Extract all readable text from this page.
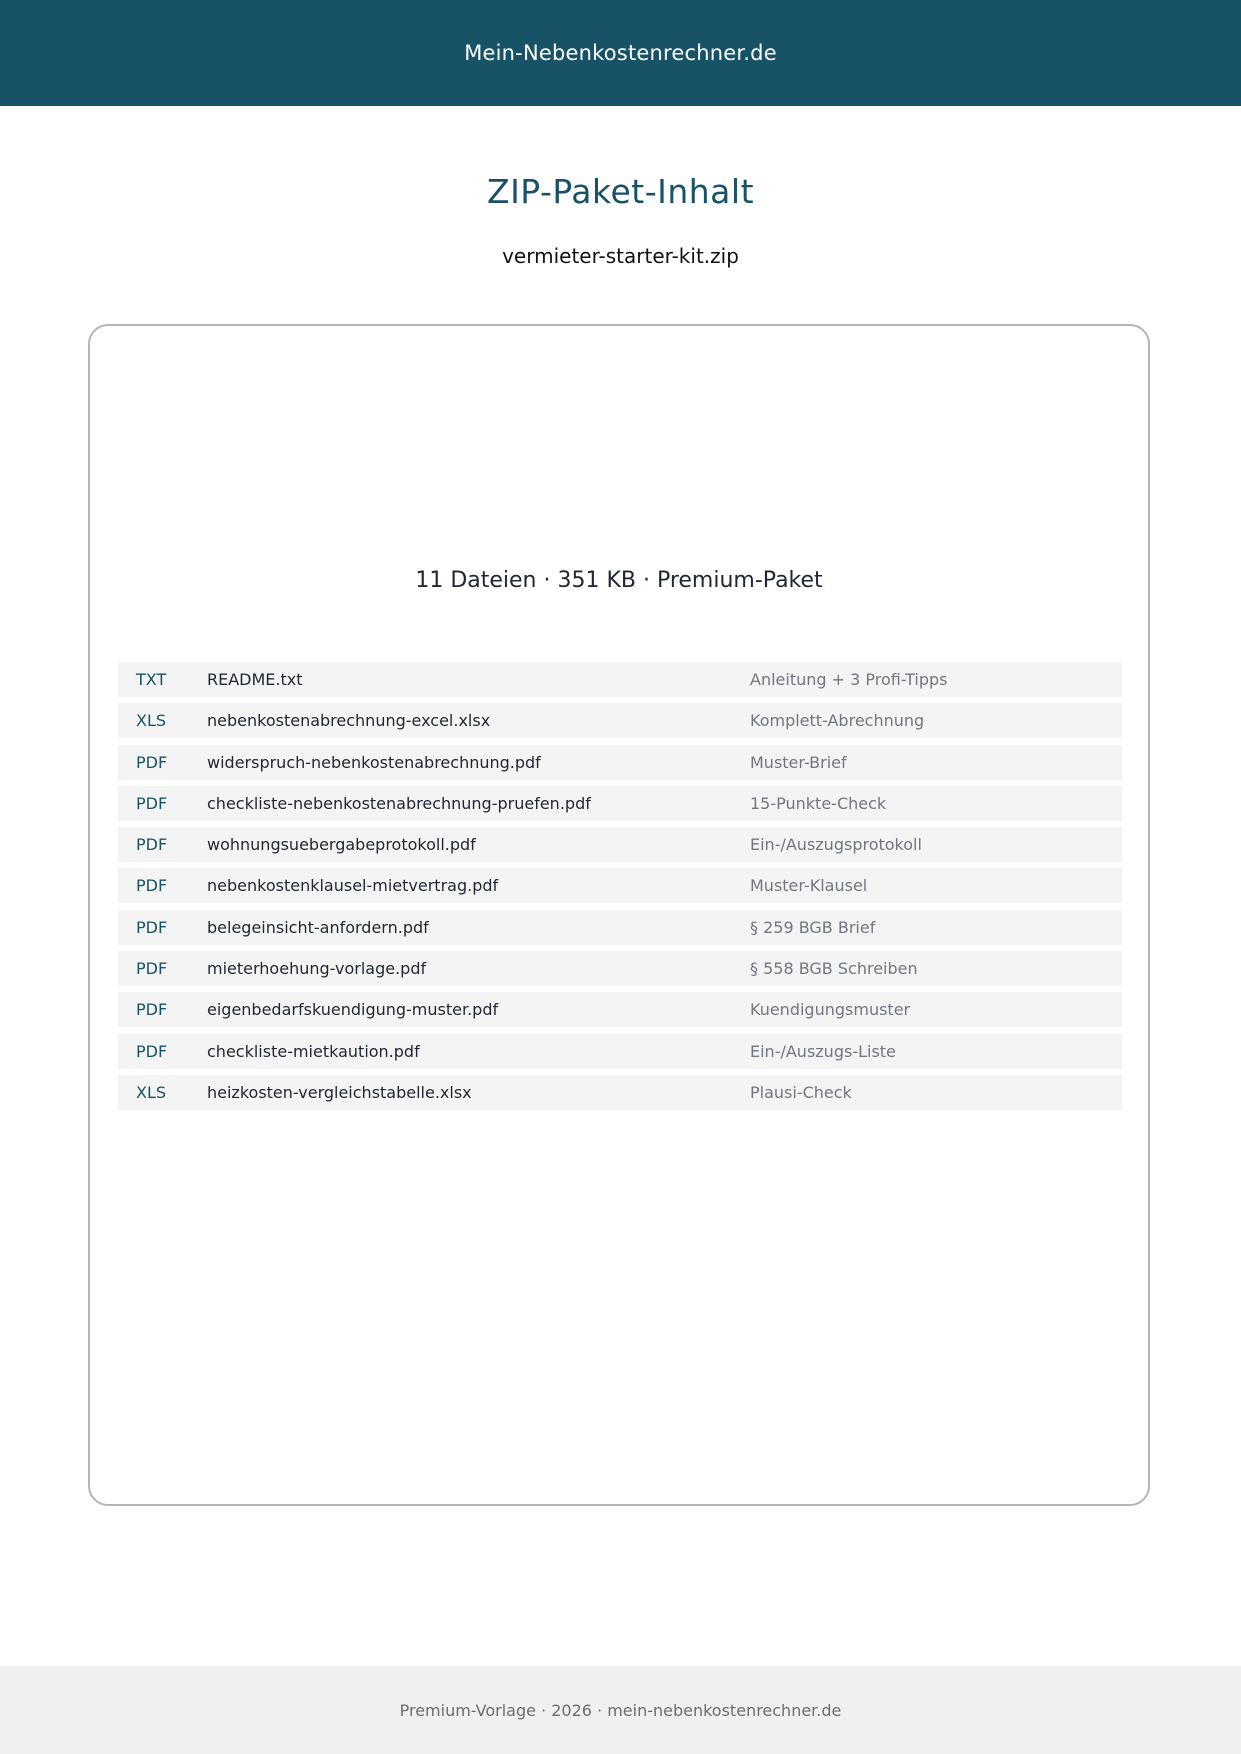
Mein-Nebenkostenrechner.de
ZIP-Paket-Inhalt
vermieter-starter-kit.zip
11 Dateien · 351 KB · Premium-Paket
TXT	README.txt	Anleitung + 3 Profi-Tipps
XLS	nebenkostenabrechnung-excel.xlsx	Komplett-Abrechnung
PDF	widerspruch-nebenkostenabrechnung.pdf	Muster-Brief
PDF	checkliste-nebenkostenabrechnung-pruefen.pdf	15-Punkte-Check
PDF	wohnungsuebergabeprotokoll.pdf	Ein-/Auszugsprotokoll
PDF	nebenkostenklausel-mietvertrag.pdf	Muster-Klausel
PDF	belegeinsicht-anfordern.pdf	§ 259 BGB Brief
PDF	mieterhoehung-vorlage.pdf	§ 558 BGB Schreiben
PDF	eigenbedarfskuendigung-muster.pdf	Kuendigungsmuster
PDF	checkliste-mietkaution.pdf	Ein-/Auszugs-Liste
XLS	heizkosten-vergleichstabelle.xlsx	Plausi-Check
Premium-Vorlage · 2026 · mein-nebenkostenrechner.de
